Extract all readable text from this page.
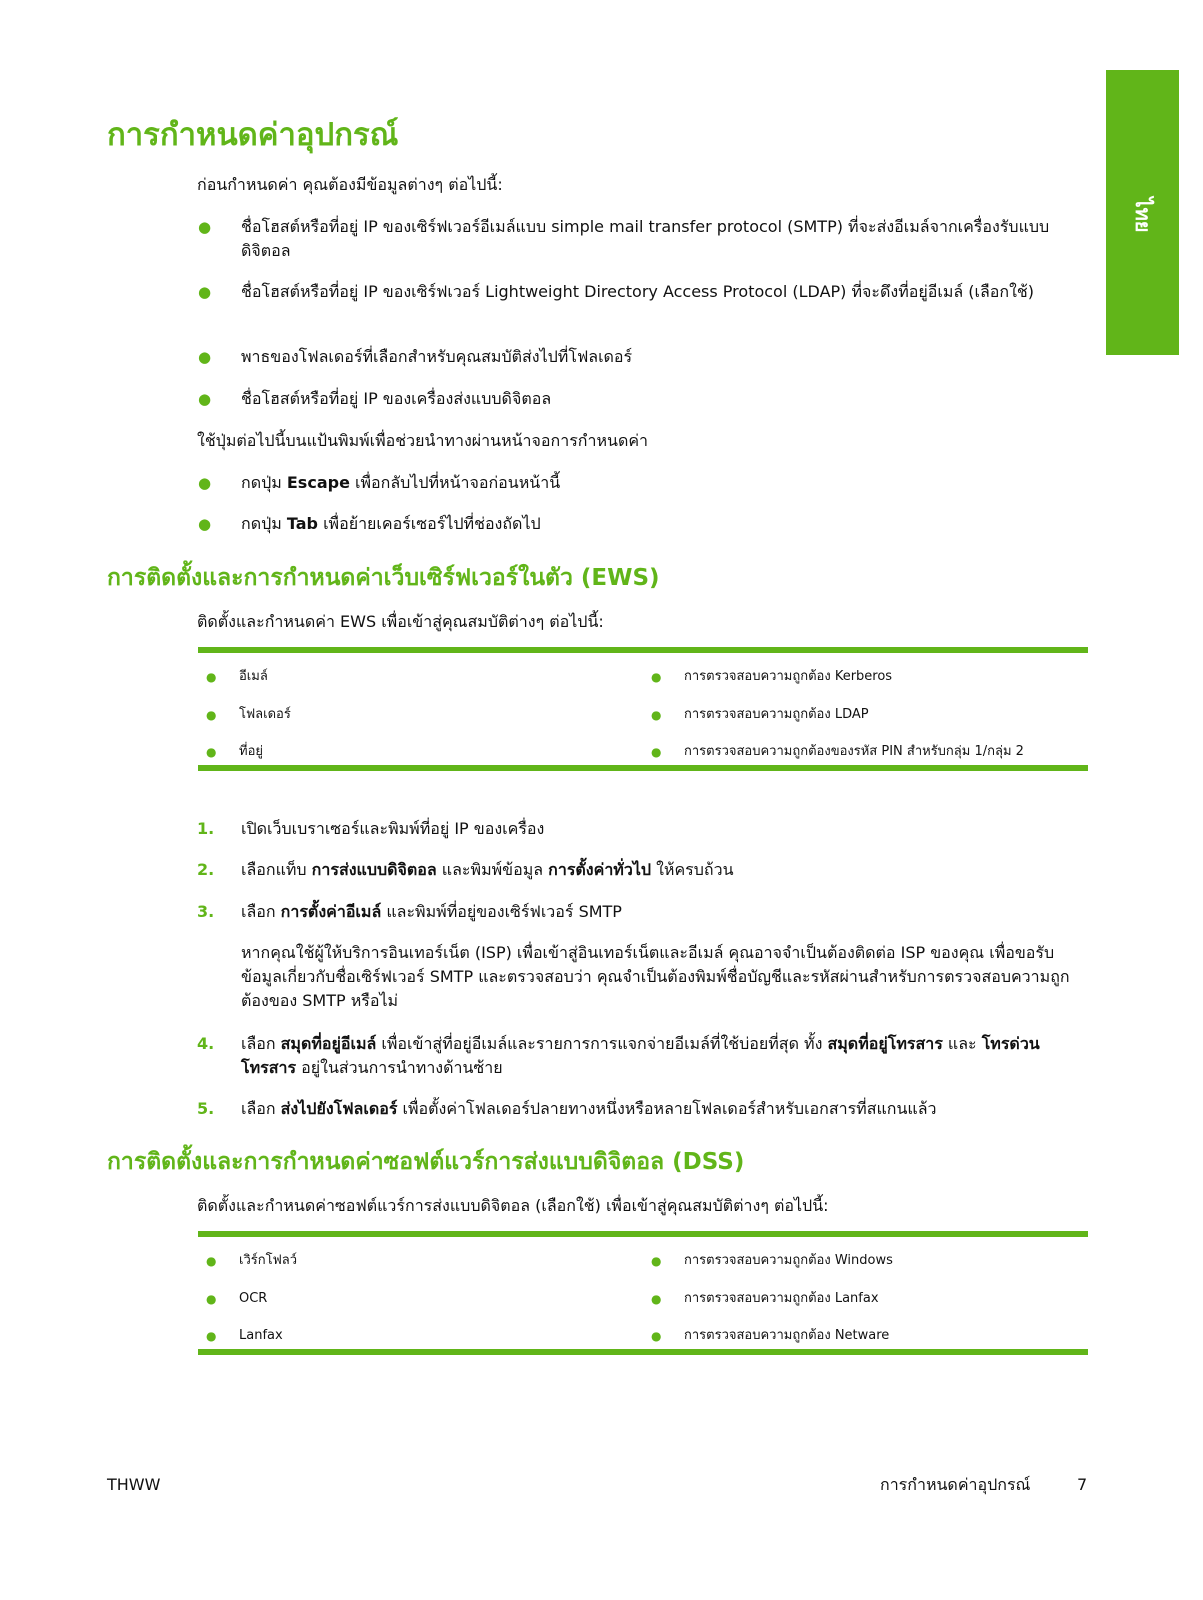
ไทย
การกำหนดค่าอุปกรณ์

ก่อนกำหนดค่า คุณต้องมีข้อมูลต่างๆ ต่อไปนี้:

● ชื่อโฮสต์หรือที่อยู่ IP ของเซิร์ฟเวอร์อีเมล์แบบ simple mail transfer protocol (SMTP) ที่จะส่งอีเมล์จากเครื่องรับแบบดิจิตอล
● ชื่อโฮสต์หรือที่อยู่ IP ของเซิร์ฟเวอร์ Lightweight Directory Access Protocol (LDAP) ที่จะดึงที่อยู่อีเมล์ (เลือกใช้)
● พาธของโฟลเดอร์ที่เลือกสำหรับคุณสมบัติส่งไปที่โฟลเดอร์
● ชื่อโฮสต์หรือที่อยู่ IP ของเครื่องส่งแบบดิจิตอล

ใช้ปุ่มต่อไปนี้บนแป้นพิมพ์เพื่อช่วยนำทางผ่านหน้าจอการกำหนดค่า

● กดปุ่ม Escape เพื่อกลับไปที่หน้าจอก่อนหน้านี้
● กดปุ่ม Tab เพื่อย้ายเคอร์เซอร์ไปที่ช่องถัดไป
การติดตั้งและการกำหนดค่าเว็บเซิร์ฟเวอร์ในตัว (EWS)

ติดตั้งและกำหนดค่า EWS เพื่อเข้าสู่คุณสมบัติต่างๆ ต่อไปนี้:

● อีเมล์
● โฟลเดอร์
● ที่อยู่
● การตรวจสอบความถูกต้อง Kerberos
● การตรวจสอบความถูกต้อง LDAP
● การตรวจสอบความถูกต้องของรหัส PIN สำหรับกลุ่ม 1/กลุ่ม 2
1. เปิดเว็บเบราเซอร์และพิมพ์ที่อยู่ IP ของเครื่อง
2. เลือกแท็บ การส่งแบบดิจิตอล และพิมพ์ข้อมูล การตั้งค่าทั่วไป ให้ครบถ้วน
3. เลือก การตั้งค่าอีเมล์ และพิมพ์ที่อยู่ของเซิร์ฟเวอร์ SMTP

หากคุณใช้ผู้ให้บริการอินเทอร์เน็ต (ISP) เพื่อเข้าสู่อินเทอร์เน็ตและอีเมล์ คุณอาจจำเป็นต้องติดต่อ ISP ของคุณ เพื่อขอรับข้อมูลเกี่ยวกับชื่อเซิร์ฟเวอร์ SMTP และตรวจสอบว่า คุณจำเป็นต้องพิมพ์ชื่อบัญชีและรหัสผ่านสำหรับการตรวจสอบความถูกต้องของ SMTP หรือไม่

4. เลือก สมุดที่อยู่อีเมล์ เพื่อเข้าสู่ที่อยู่อีเมล์และรายการการแจกจ่ายอีเมล์ที่ใช้บ่อยที่สุด ทั้ง สมุดที่อยู่โทรสาร และ โทรด่วนโทรสาร อยู่ในส่วนการนำทางด้านซ้าย
5. เลือก ส่งไปยังโฟลเดอร์ เพื่อตั้งค่าโฟลเดอร์ปลายทางหนึ่งหรือหลายโฟลเดอร์สำหรับเอกสารที่สแกนแล้ว
การติดตั้งและการกำหนดค่าซอฟต์แวร์การส่งแบบดิจิตอล (DSS)

ติดตั้งและกำหนดค่าซอฟต์แวร์การส่งแบบดิจิตอล (เลือกใช้) เพื่อเข้าสู่คุณสมบัติต่างๆ ต่อไปนี้:

● เวิร์กโฟลว์
● OCR
● Lanfax
● การตรวจสอบความถูกต้อง Windows
● การตรวจสอบความถูกต้อง Lanfax
● การตรวจสอบความถูกต้อง Netware
THWW	การกำหนดค่าอุปกรณ์	7
